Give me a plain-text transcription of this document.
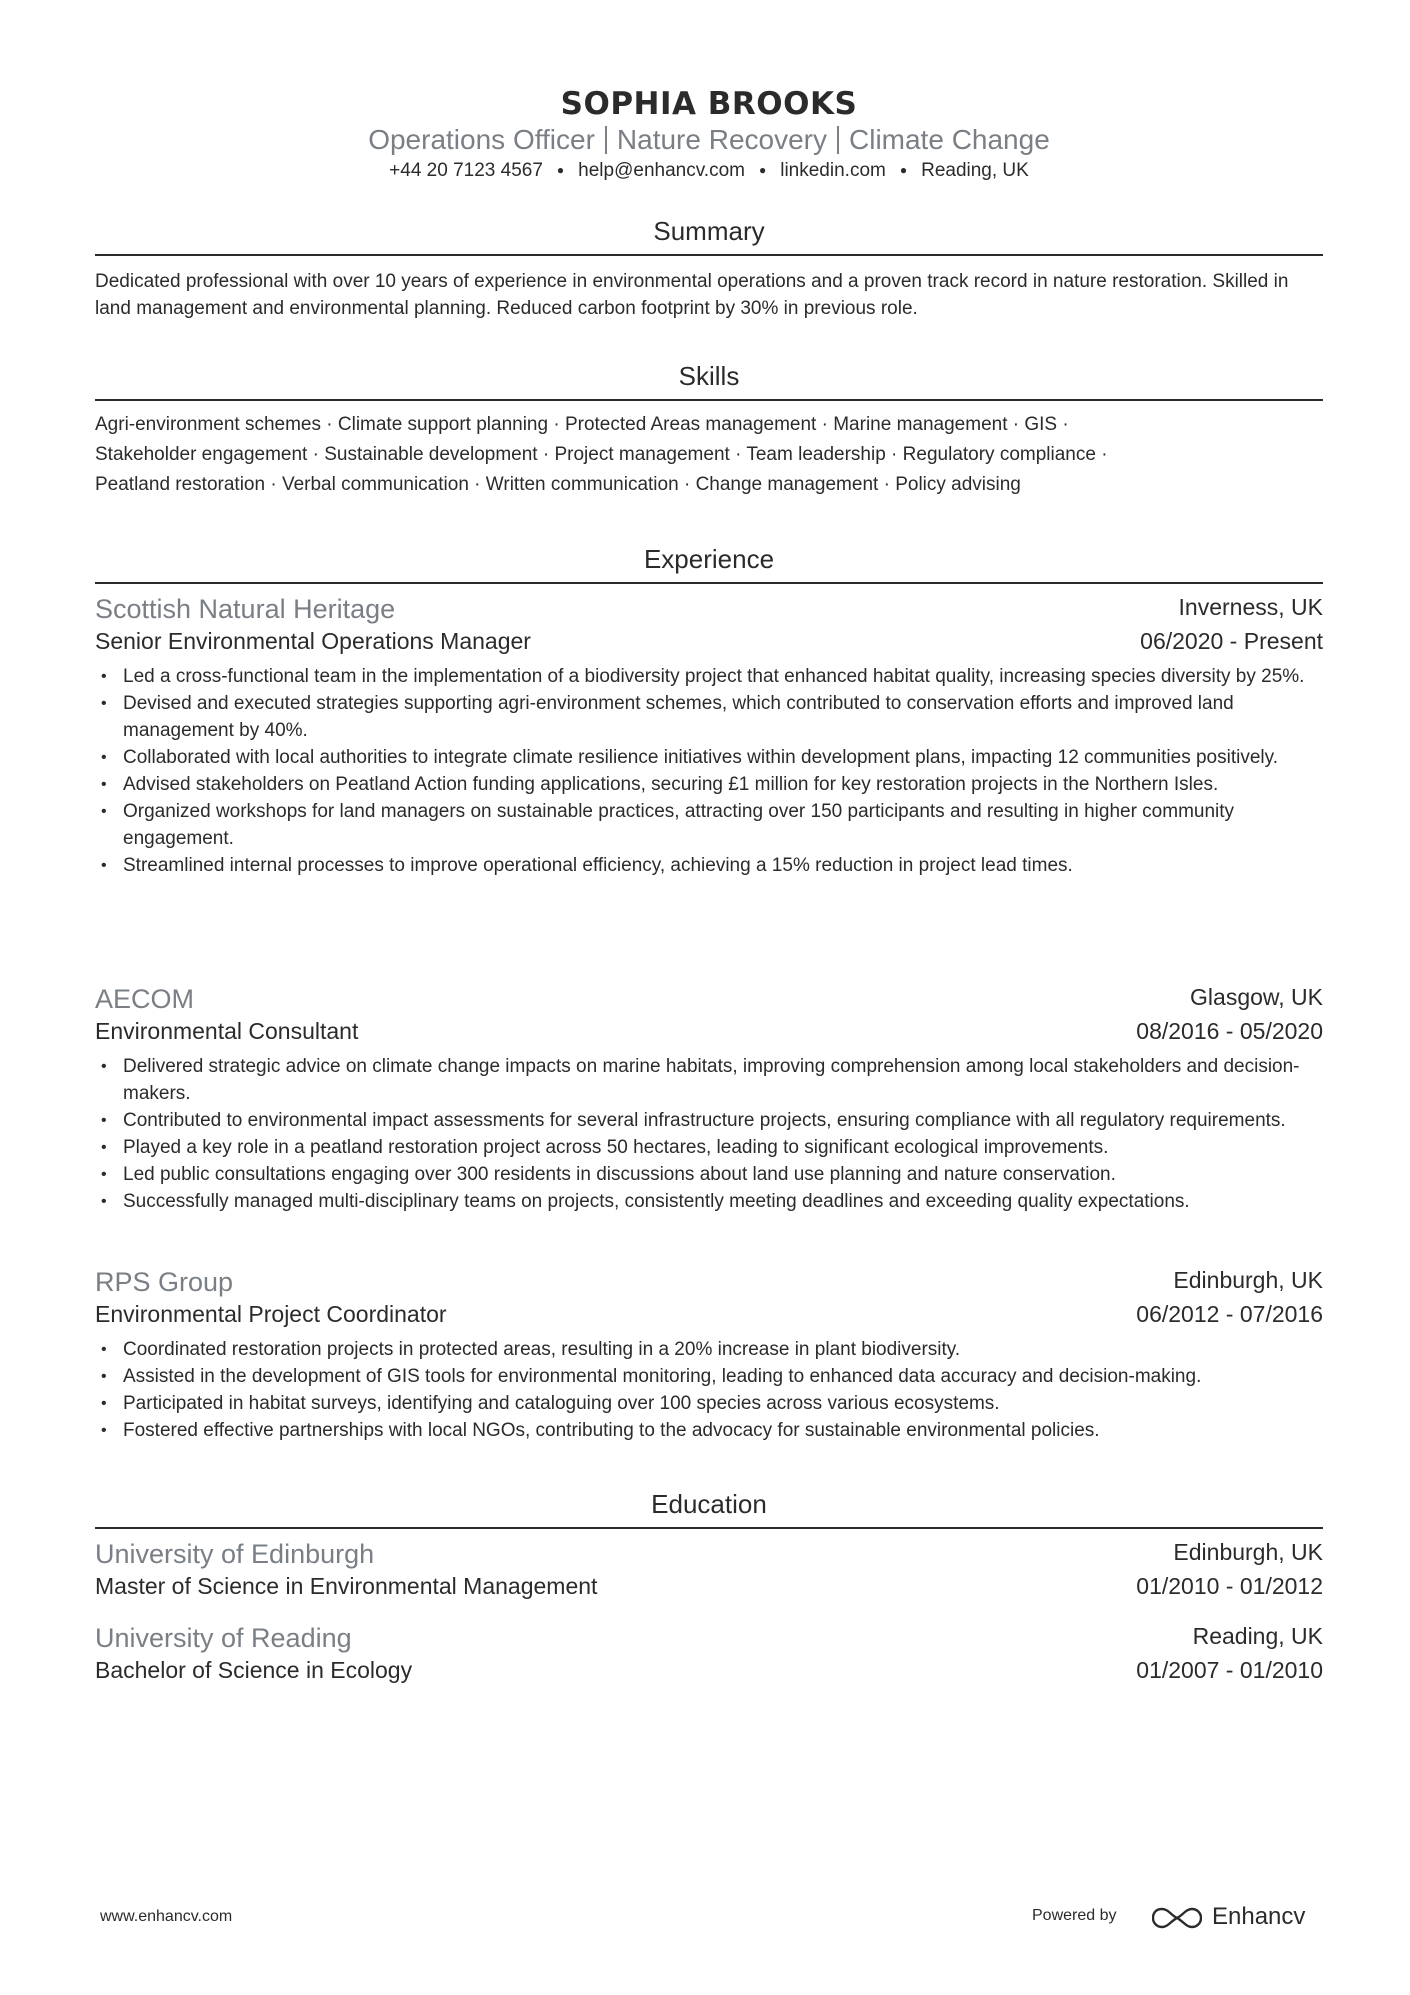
SOPHIA BROOKS
Operations Officer Nature Recovery Climate Change
+44 20 7123 4567 ● help@enhancv.com ● linkedin.com ● Reading, UK
Summary
Dedicated professional with over 10 years of experience in environmental operations and a proven track record in nature restoration. Skilled in land management and environmental planning. Reduced carbon footprint by 30% in previous role.
Skills
Agri-environment schemes · Climate support planning · Protected Areas management · Marine management · GIS ·
Stakeholder engagement · Sustainable development · Project management · Team leadership · Regulatory compliance ·
Peatland restoration · Verbal communication · Written communication · Change management · Policy advising
Experience
Scottish Natural Heritage	Inverness, UK
Senior Environmental Operations Manager	06/2020 - Present
• Led a cross-functional team in the implementation of a biodiversity project that enhanced habitat quality, increasing species diversity by 25%.
• Devised and executed strategies supporting agri-environment schemes, which contributed to conservation efforts and improved land management by 40%.
• Collaborated with local authorities to integrate climate resilience initiatives within development plans, impacting 12 communities positively.
• Advised stakeholders on Peatland Action funding applications, securing £1 million for key restoration projects in the Northern Isles.
• Organized workshops for land managers on sustainable practices, attracting over 150 participants and resulting in higher community engagement.
• Streamlined internal processes to improve operational efficiency, achieving a 15% reduction in project lead times.
AECOM	Glasgow, UK
Environmental Consultant	08/2016 - 05/2020
• Delivered strategic advice on climate change impacts on marine habitats, improving comprehension among local stakeholders and decision-makers.
• Contributed to environmental impact assessments for several infrastructure projects, ensuring compliance with all regulatory requirements.
• Played a key role in a peatland restoration project across 50 hectares, leading to significant ecological improvements.
• Led public consultations engaging over 300 residents in discussions about land use planning and nature conservation.
• Successfully managed multi-disciplinary teams on projects, consistently meeting deadlines and exceeding quality expectations.
RPS Group	Edinburgh, UK
Environmental Project Coordinator	06/2012 - 07/2016
• Coordinated restoration projects in protected areas, resulting in a 20% increase in plant biodiversity.
• Assisted in the development of GIS tools for environmental monitoring, leading to enhanced data accuracy and decision-making.
• Participated in habitat surveys, identifying and cataloguing over 100 species across various ecosystems.
• Fostered effective partnerships with local NGOs, contributing to the advocacy for sustainable environmental policies.
Education
University of Edinburgh	Edinburgh, UK
Master of Science in Environmental Management	01/2010 - 01/2012
University of Reading	Reading, UK
Bachelor of Science in Ecology	01/2007 - 01/2010
www.enhancv.com	Powered by	Enhancv
